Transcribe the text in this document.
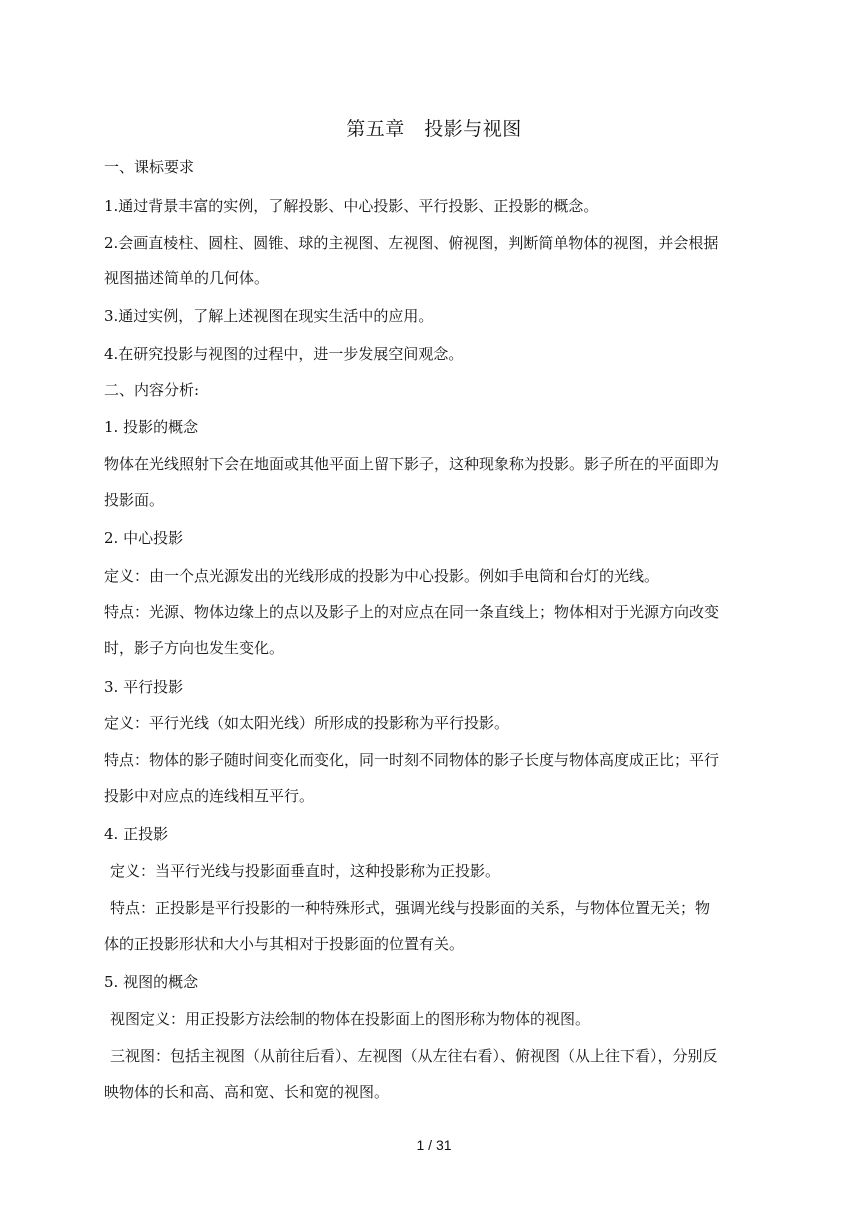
第五章　投影与视图
一、课标要求
1.通过背景丰富的实例，了解投影、中心投影、平行投影、正投影的概念。
2.会画直棱柱、圆柱、圆锥、球的主视图、左视图、俯视图，判断简单物体的视图，并会根据
视图描述简单的几何体。
3.通过实例，了解上述视图在现实生活中的应用。
4.在研究投影与视图的过程中，进一步发展空间观念。
二、内容分析:
1. 投影的概念
物体在光线照射下会在地面或其他平面上留下影子，这种现象称为投影。影子所在的平面即为
投影面。
2. 中心投影
定义：由一个点光源发出的光线形成的投影为中心投影。例如手电筒和台灯的光线。
特点：光源、物体边缘上的点以及影子上的对应点在同一条直线上；物体相对于光源方向改变
时，影子方向也发生变化。
3. 平行投影
定义：平行光线（如太阳光线）所形成的投影称为平行投影。
特点：物体的影子随时间变化而变化，同一时刻不同物体的影子长度与物体高度成正比；平行
投影中对应点的连线相互平行。
4. 正投影
定义：当平行光线与投影面垂直时，这种投影称为正投影。
特点：正投影是平行投影的一种特殊形式，强调光线与投影面的关系，与物体位置无关；物
体的正投影形状和大小与其相对于投影面的位置有关。
5. 视图的概念
视图定义：用正投影方法绘制的物体在投影面上的图形称为物体的视图。
三视图：包括主视图（从前往后看）、左视图（从左往右看）、俯视图（从上往下看），分别反
映物体的长和高、高和宽、长和宽的视图。
1 / 31
